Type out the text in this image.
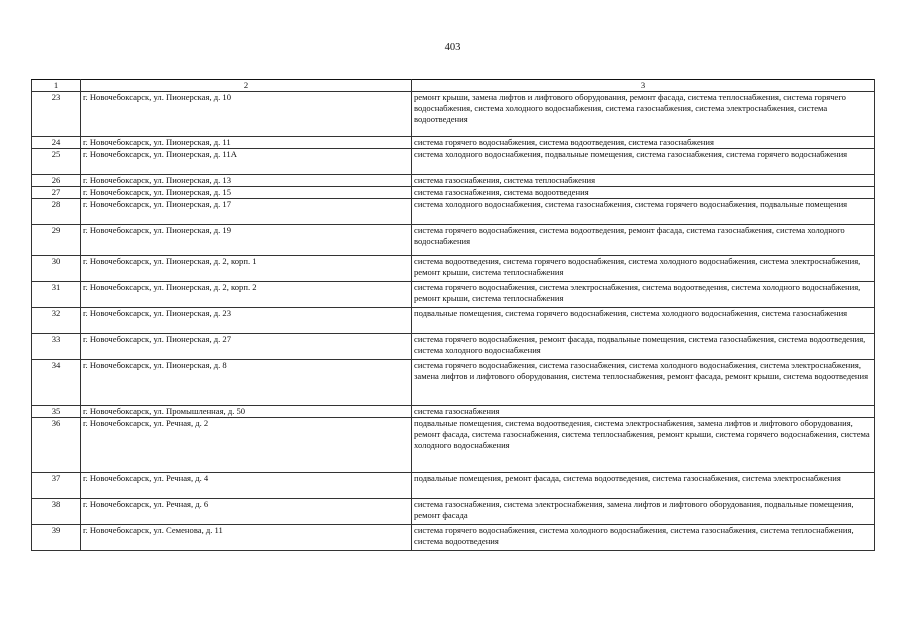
403
1	2	3
23	г. Новочебоксарск, ул. Пионерская, д. 10	ремонт крыши, замена лифтов и лифтового оборудования, ремонт фасада, система теплоснабжения, система горячего водоснабжения, система холодного водоснабжения, система газоснабжения, система электроснабжения, система водоотведения
24	г. Новочебоксарск, ул. Пионерская, д. 11	система горячего водоснабжения, система водоотведения, система газоснабжения
25	г. Новочебоксарск, ул. Пионерская, д. 11А	система холодного водоснабжения, подвальные помещения, система газоснабжения, система горячего водоснабжения
26	г. Новочебоксарск, ул. Пионерская, д. 13	система газоснабжения, система теплоснабжения
27	г. Новочебоксарск, ул. Пионерская, д. 15	система газоснабжения, система водоотведения
28	г. Новочебоксарск, ул. Пионерская, д. 17	система холодного водоснабжения, система газоснабжения, система горячего водоснабжения, подвальные помещения
29	г. Новочебоксарск, ул. Пионерская, д. 19	система горячего водоснабжения, система водоотведения, ремонт фасада, система газоснабжения, система холодного водоснабжения
30	г. Новочебоксарск, ул. Пионерская, д. 2, корп. 1	система водоотведения, система горячего водоснабжения, система холодного водоснабжения, система электроснабжения, ремонт крыши, система теплоснабжения
31	г. Новочебоксарск, ул. Пионерская, д. 2, корп. 2	система горячего водоснабжения, система электроснабжения, система водоотведения, система холодного водоснабжения, ремонт крыши, система теплоснабжения
32	г. Новочебоксарск, ул. Пионерская, д. 23	подвальные помещения, система горячего водоснабжения, система холодного водоснабжения, система газоснабжения
33	г. Новочебоксарск, ул. Пионерская, д. 27	система горячего водоснабжения, ремонт фасада, подвальные помещения, система газоснабжения, система водоотведения, система холодного водоснабжения
34	г. Новочебоксарск, ул. Пионерская, д. 8	система горячего водоснабжения, система газоснабжения, система холодного водоснабжения, система электроснабжения, замена лифтов и лифтового оборудования, система теплоснабжения, ремонт фасада, ремонт крыши, система водоотведения
35	г. Новочебоксарск, ул. Промышленная, д. 50	система газоснабжения
36	г. Новочебоксарск, ул. Речная, д. 2	подвальные помещения, система водоотведения, система электроснабжения, замена лифтов и лифтового оборудования, ремонт фасада, система газоснабжения, система теплоснабжения, ремонт крыши, система горячего водоснабжения, система холодного водоснабжения
37	г. Новочебоксарск, ул. Речная, д. 4	подвальные помещения, ремонт фасада, система водоотведения, система газоснабжения, система электроснабжения
38	г. Новочебоксарск, ул. Речная, д. 6	система газоснабжения, система электроснабжения, замена лифтов и лифтового оборудования, подвальные помещения, ремонт фасада
39	г. Новочебоксарск, ул. Семенова, д. 11	система горячего водоснабжения, система холодного водоснабжения, система газоснабжения, система теплоснабжения, система водоотведения
